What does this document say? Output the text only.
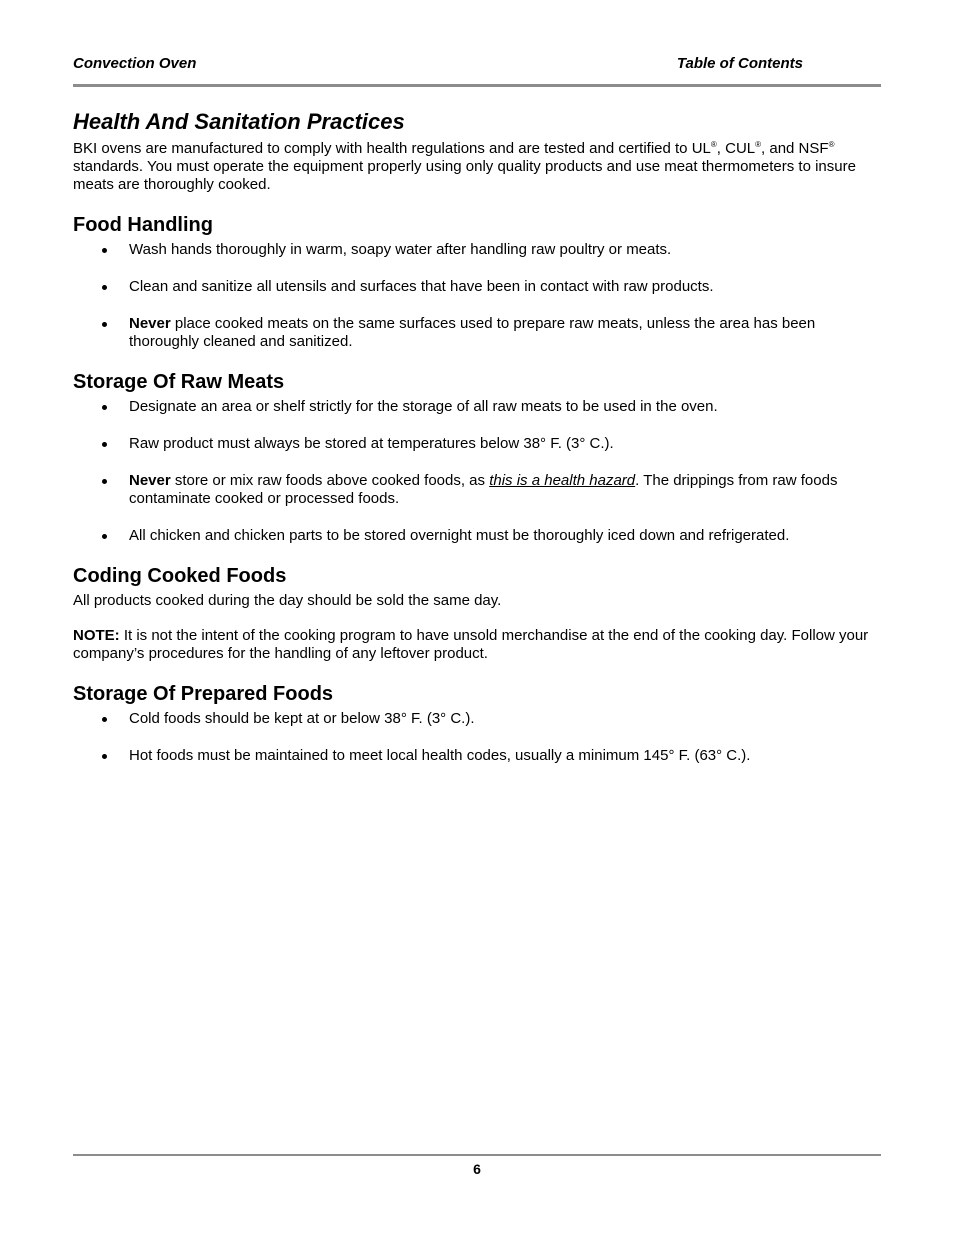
Convection Oven	Table of Contents
Health And Sanitation Practices

BKI ovens are manufactured to comply with health regulations and are tested and certified to UL®, CUL®, and NSF® standards. You must operate the equipment properly using only quality products and use meat thermometers to insure meats are thoroughly cooked.

Food Handling
Wash hands thoroughly in warm, soapy water after handling raw poultry or meats.
Clean and sanitize all utensils and surfaces that have been in contact with raw products.
Never place cooked meats on the same surfaces used to prepare raw meats, unless the area has been thoroughly cleaned and sanitized.
Storage Of Raw Meats
Designate an area or shelf strictly for the storage of all raw meats to be used in the oven.
Raw product must always be stored at temperatures below 38° F. (3° C.).
Never store or mix raw foods above cooked foods, as this is a health hazard. The drippings from raw foods contaminate cooked or processed foods.
All chicken and chicken parts to be stored overnight must be thoroughly iced down and refrigerated.
Coding Cooked Foods

All products cooked during the day should be sold the same day.

NOTE: It is not the intent of the cooking program to have unsold merchandise at the end of the cooking day. Follow your company’s procedures for the handling of any leftover product.

Storage Of Prepared Foods
Cold foods should be kept at or below 38° F. (3° C.).
Hot foods must be maintained to meet local health codes, usually a minimum 145° F. (63° C.).
6
